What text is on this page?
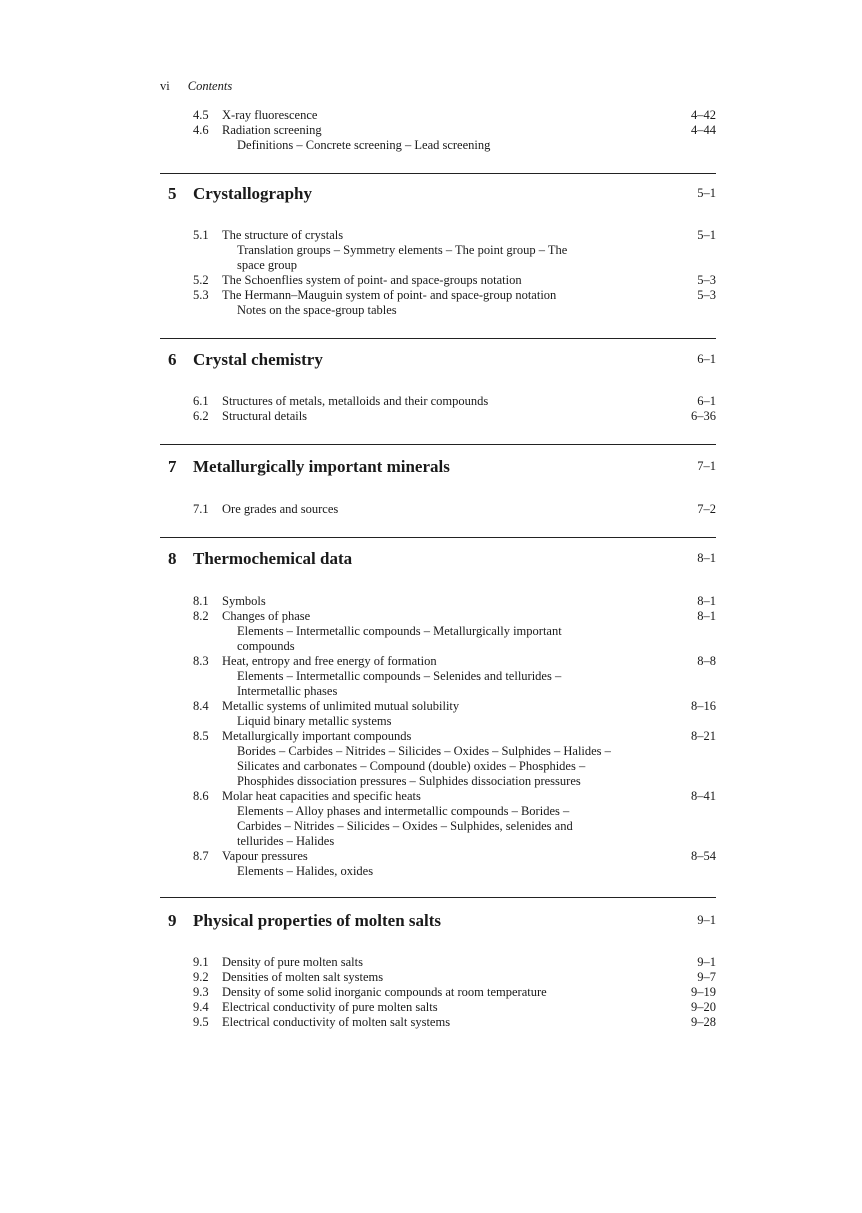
vi Contents
4.5 X-ray fluorescence	4–42
4.6 Radiation screening	4–44
Definitions – Concrete screening – Lead screening
5 Crystallography	5–1
5.1 The structure of crystals	5–1
Translation groups – Symmetry elements – The point group – The
space group
5.2 The Schoenflies system of point- and space-groups notation	5–3
5.3 The Hermann–Mauguin system of point- and space-group notation	5–3
Notes on the space-group tables
6 Crystal chemistry	6–1
6.1 Structures of metals, metalloids and their compounds	6–1
6.2 Structural details	6–36
7 Metallurgically important minerals	7–1
7.1 Ore grades and sources	7–2
8 Thermochemical data	8–1
8.1 Symbols	8–1
8.2 Changes of phase	8–1
Elements – Intermetallic compounds – Metallurgically important
compounds
8.3 Heat, entropy and free energy of formation	8–8
Elements – Intermetallic compounds – Selenides and tellurides –
Intermetallic phases
8.4 Metallic systems of unlimited mutual solubility	8–16
Liquid binary metallic systems
8.5 Metallurgically important compounds	8–21
Borides – Carbides – Nitrides – Silicides – Oxides – Sulphides – Halides –
Silicates and carbonates – Compound (double) oxides – Phosphides –
Phosphides dissociation pressures – Sulphides dissociation pressures
8.6 Molar heat capacities and specific heats	8–41
Elements – Alloy phases and intermetallic compounds – Borides –
Carbides – Nitrides – Silicides – Oxides – Sulphides, selenides and
tellurides – Halides
8.7 Vapour pressures	8–54
Elements – Halides, oxides
9 Physical properties of molten salts	9–1
9.1 Density of pure molten salts	9–1
9.2 Densities of molten salt systems	9–7
9.3 Density of some solid inorganic compounds at room temperature	9–19
9.4 Electrical conductivity of pure molten salts	9–20
9.5 Electrical conductivity of molten salt systems	9–28
